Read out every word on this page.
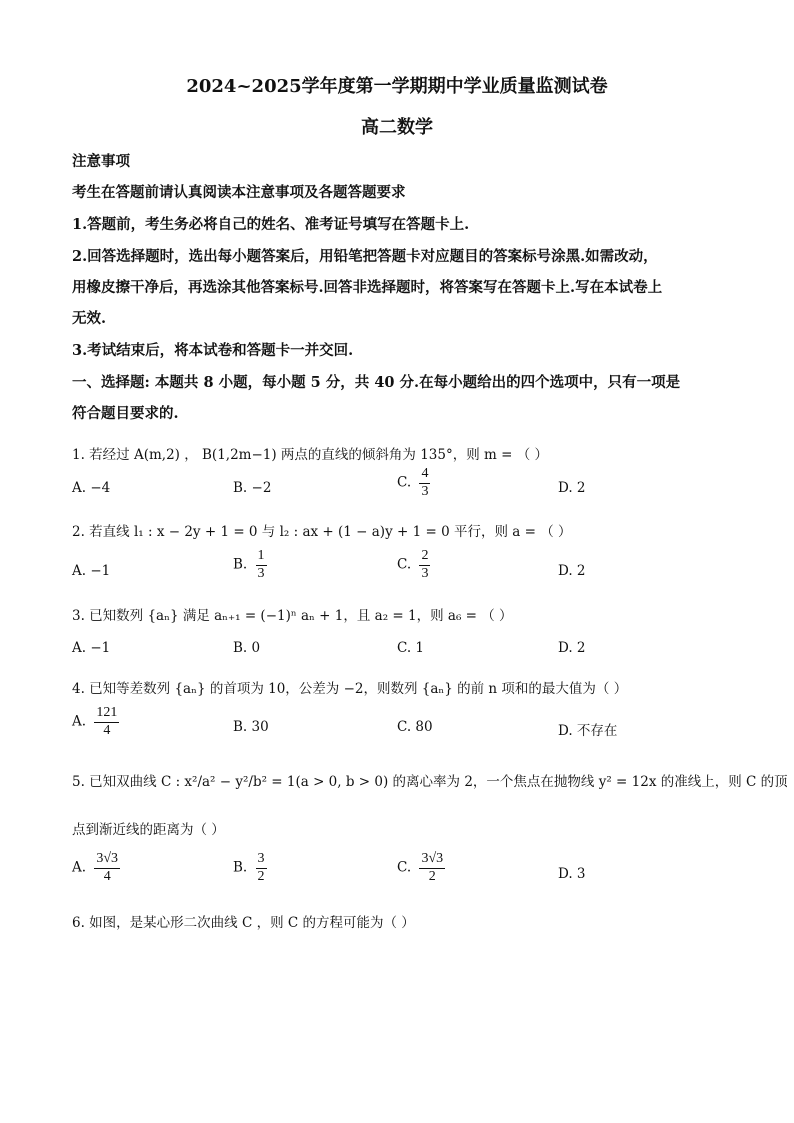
2024~2025学年度第一学期期中学业质量监测试卷
高二数学
注意事项
考生在答题前请认真阅读本注意事项及各题答题要求
1.答题前，考生务必将自己的姓名、准考证号填写在答题卡上.
2.回答选择题时，选出每小题答案后，用铅笔把答题卡对应题目的答案标号涂黑.如需改动，
用橡皮擦干净后，再选涂其他答案标号.回答非选择题时，将答案写在答题卡上.写在本试卷上
无效.
3.考试结束后，将本试卷和答题卡一并交回.
一、选择题: 本题共 8 小题，每小题 5 分，共 40 分.在每小题给出的四个选项中，只有一项是
符合题目要求的.
1. 若经过 A(m,2) ， B(1,2m−1) 两点的直线的倾斜角为 135°，则 m = （ ）
A. −4	B. −2	C. $\frac{4}{3}$	D. 2
2. 若直线 l₁ : x − 2y + 1 = 0 与 l₂ : ax + (1 − a)y + 1 = 0 平行，则 a = （ ）
A. −1	B. $\frac{1}{3}$	C. $\frac{2}{3}$	D. 2
3. 已知数列 {aₙ} 满足 aₙ₊₁ = (−1)ⁿ aₙ + 1，且 a₂ = 1，则 a₆ = （ ）
A. −1	B. 0	C. 1	D. 2
4. 已知等差数列 {aₙ} 的首项为 10，公差为 −2，则数列 {aₙ} 的前 n 项和的最大值为（ ）
A. $\frac{121}{4}$	B. 30	C. 80	D. 不存在
5. 已知双曲线 C : x²/a² − y²/b² = 1(a > 0, b > 0) 的离心率为 2，一个焦点在抛物线 y² = 12x 的准线上，则 C 的顶
点到渐近线的距离为（ ）
A. $\frac{3√3}{4}$	B. $\frac{3}{2}$	C. $\frac{3√3}{2}$	D. 3
6. 如图，是某心形二次曲线 C ，则 C 的方程可能为（ ）
